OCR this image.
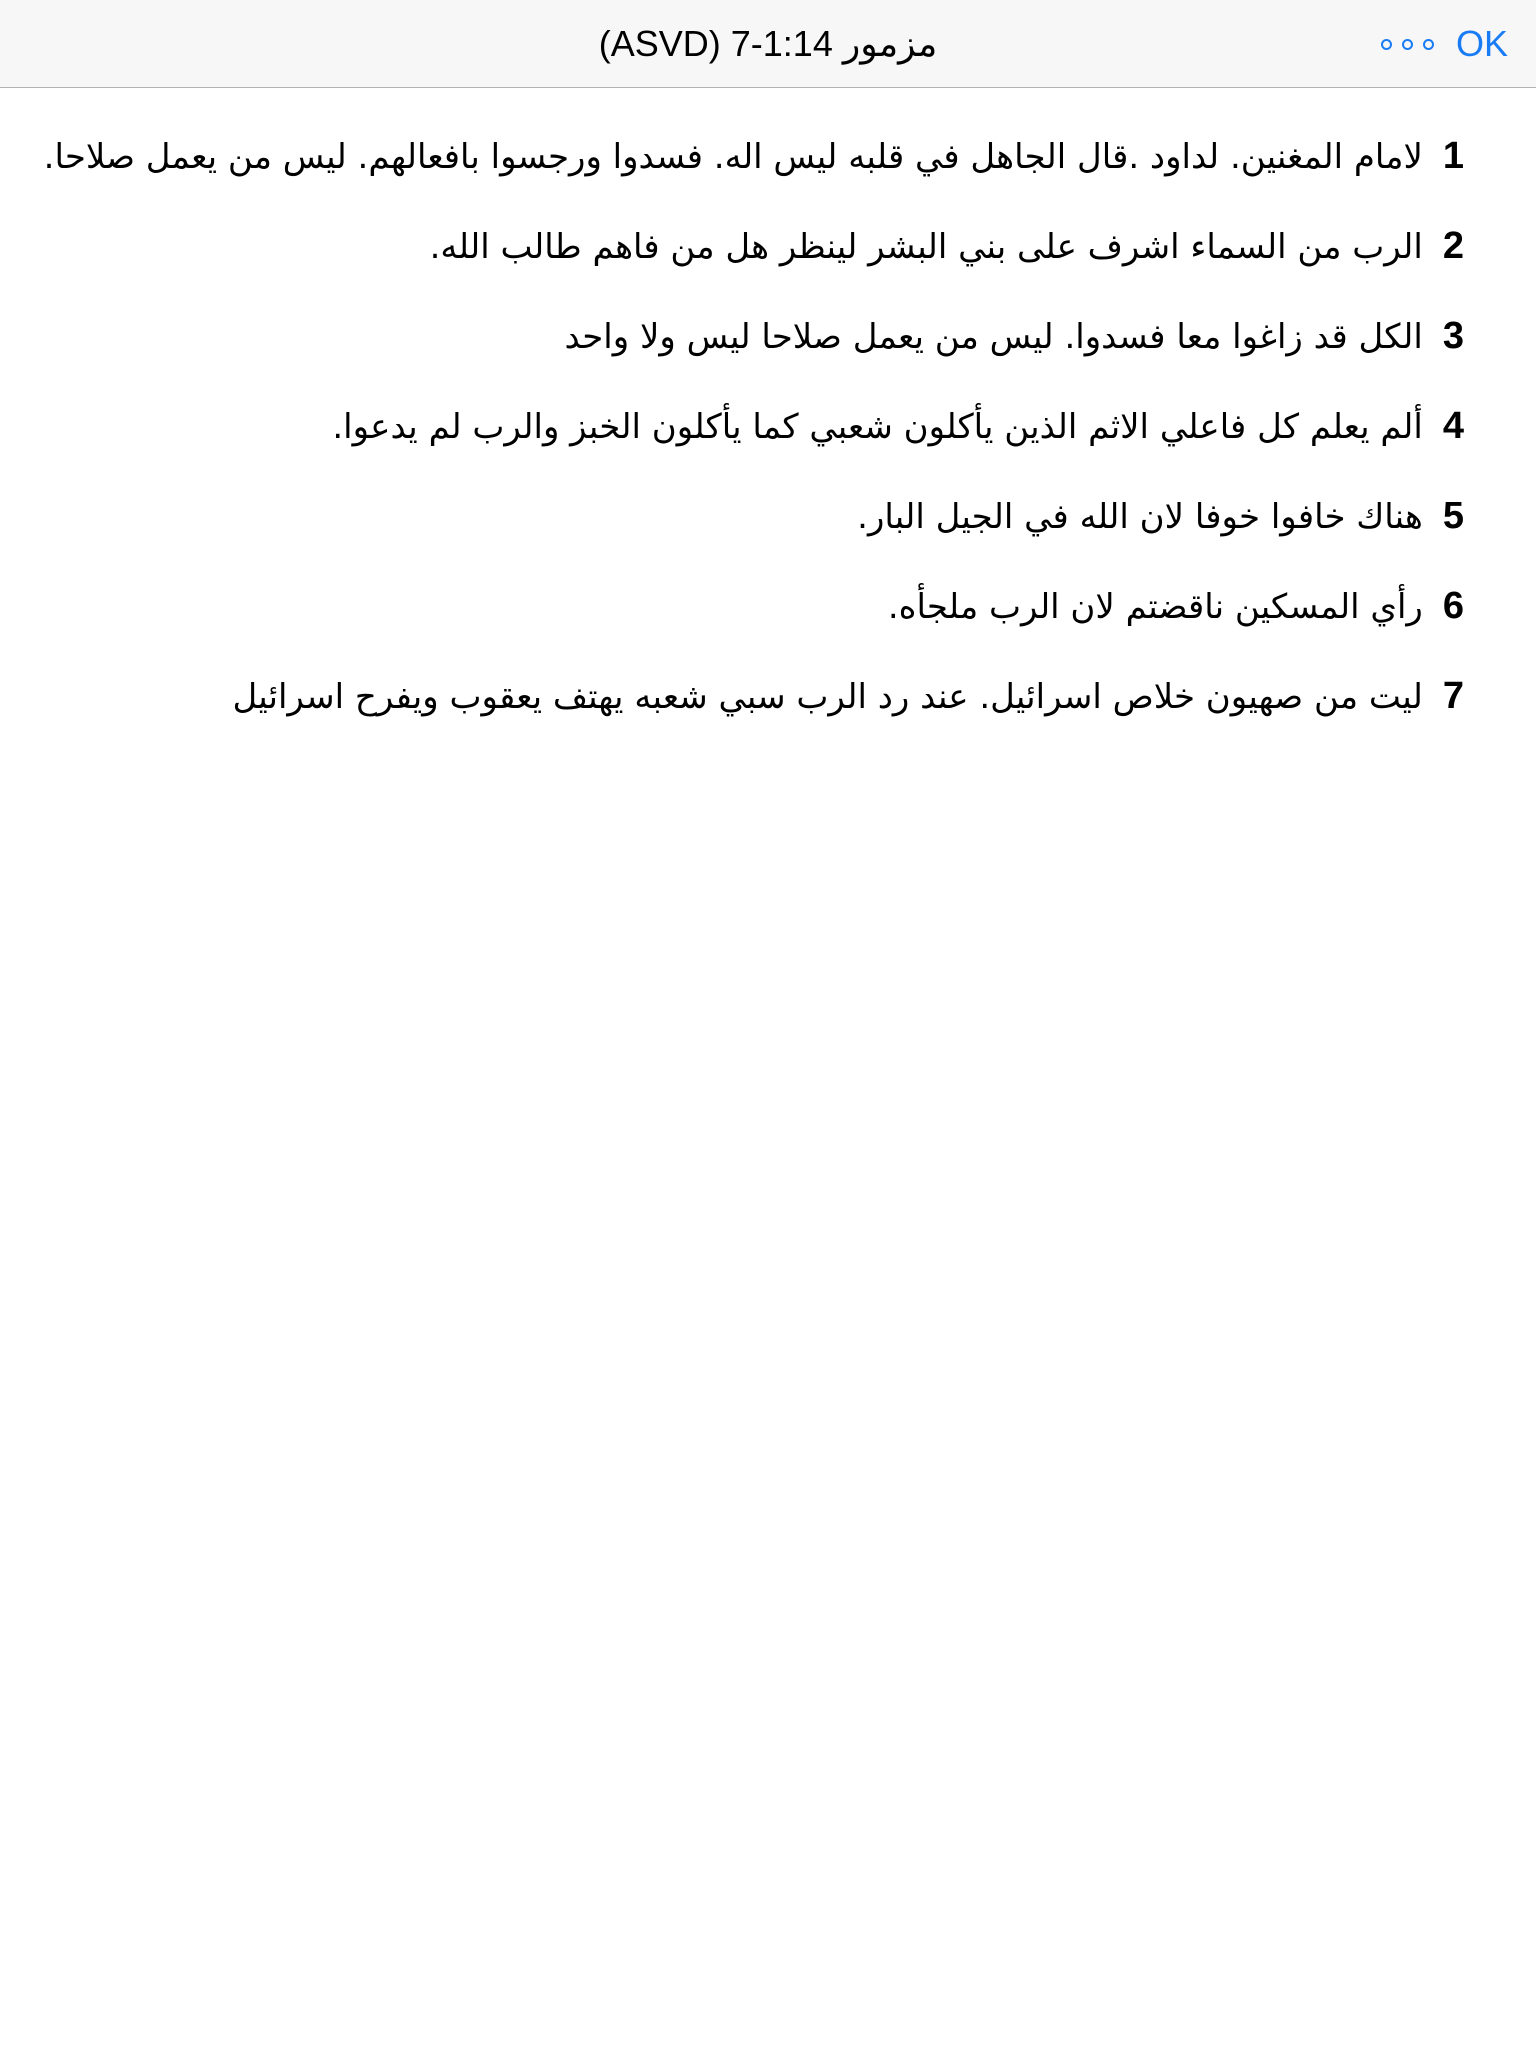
مزمور 1:14-7 (ASVD)	OK
1
لامام المغنين. لداود .قال الجاهل في قلبه ليس اله. فسدوا ورجسوا بافعالهم. ليس من يعمل صلاحا.
2
الرب من السماء اشرف على بني البشر لينظر هل من فاهم طالب الله.
3
الكل قد زاغوا معا فسدوا. ليس من يعمل صلاحا ليس ولا واحد
4
ألم يعلم كل فاعلي الاثم الذين يأكلون شعبي كما يأكلون الخبز والرب لم يدعوا.
5
هناك خافوا خوفا لان الله في الجيل البار.
6
رأي المسكين ناقضتم لان الرب ملجأه.
7
ليت من صهيون خلاص اسرائيل. عند رد الرب سبي شعبه يهتف يعقوب ويفرح اسرائيل
